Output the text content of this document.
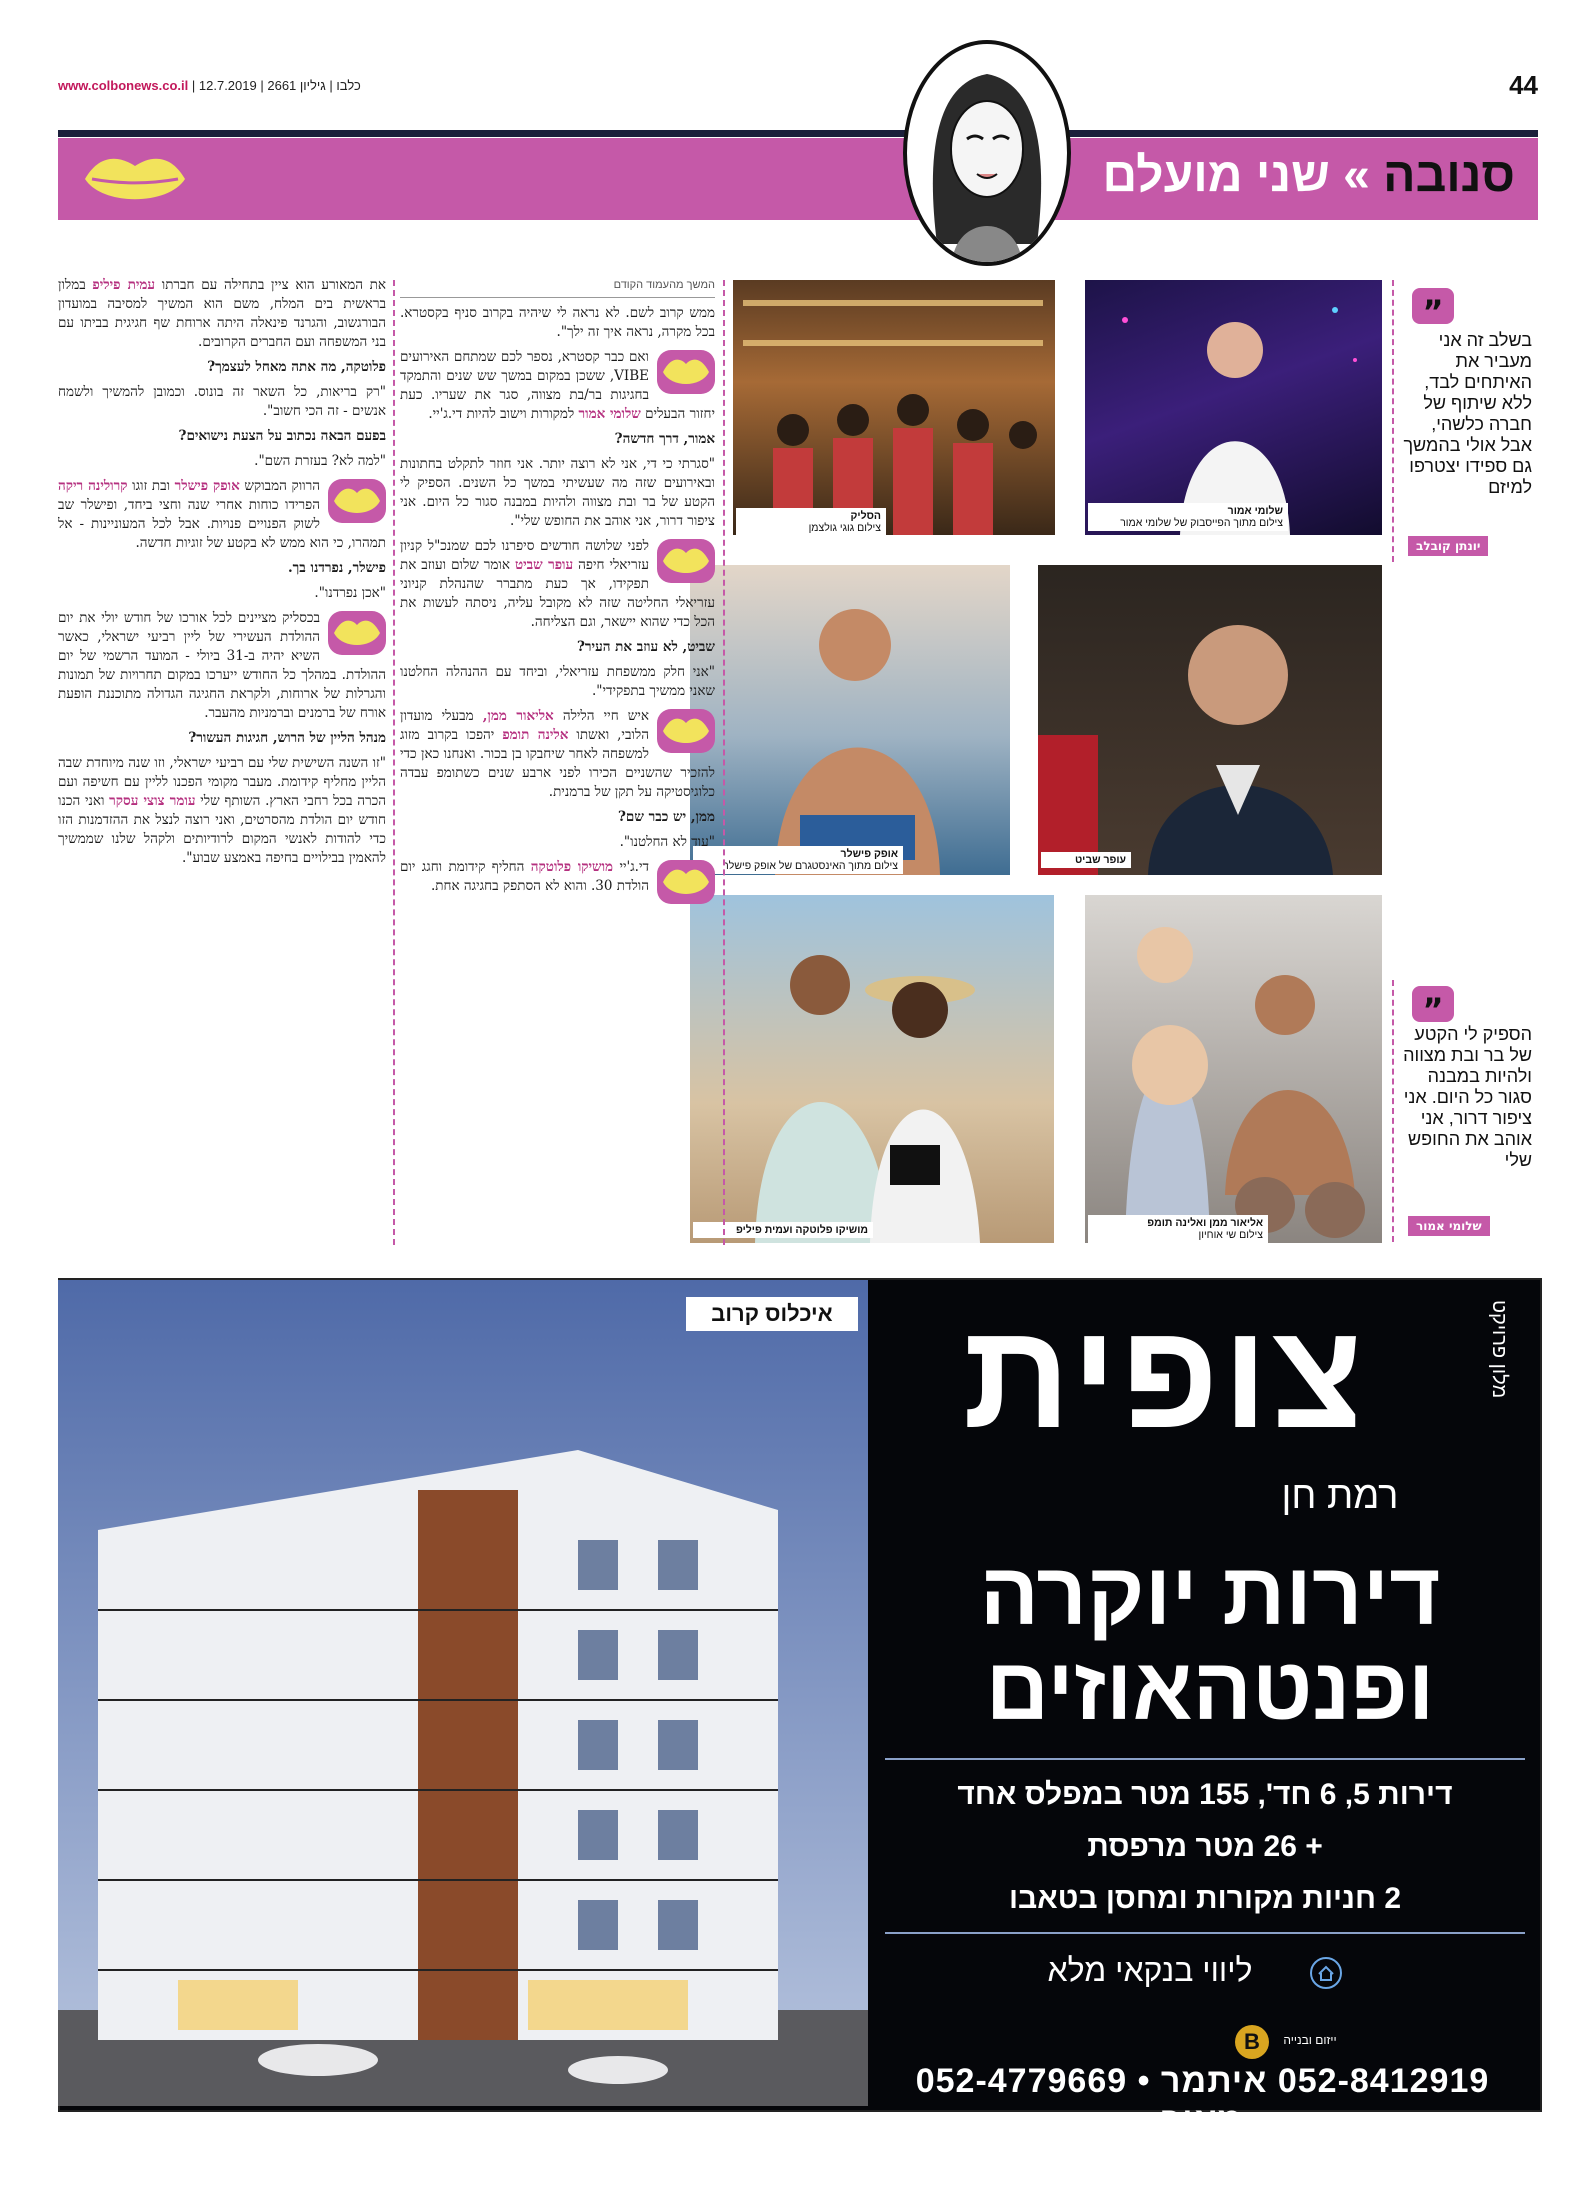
www.colbonews.co.il |	כלבו | גיליון 2661 | 12.7.2019	44
סנובה » שני מועלם
”
בשלב זה אני מעביר את האיתחים לבד, ללא שיתוף של חברה כלשהי, אבל אולי בהמשך גם ספידו יצטרפו למיזם
יונתן קובלב
”
הספיק לי הקטע של בר ובת מצווה ולהיות במבנה סגור כל היום. אני ציפור דרור, אני אוהב את החופש שלי
שלומי אמור
שלומי אמור
צילום מתוך הפייסבוק של שלומי אמור
הסליק
צילום גוגי גולצמן
עופר שביט
אופק פישלר
צילום מתוך האינסטגרם של אופק פישלר
אליאור ממן ואלינה תומפ
צילום שי אוחיון
מושיקו פלוטקה ועמית פיליפ

המשך מהעמוד הקודם

ממש קרוב לשם. לא נראה לי שיהיה בקרוב סניף בקסטרא. בכל מקרה, נראה איך זה ילך".

ואם כבר קסטרא, נספר לכם שמתחם האירועים VIBE, ששכן במקום במשך שש שנים והתמקד בחגיגות בר/בת מצווה, סגר את שעריו. כעת יחזור הבעלים שלומי אמור למקורות וישוב להיות די.ג'יי.

אמור, דרך חדשה?

"סגרתי כי די, אני לא רוצה יותר. אני חוזר לתקלט בחתונות ובאירועים שזה מה שעשיתי במשך כל השנים. הספיק לי הקטע של בר ובת מצווה ולהיות במבנה סגור כל היום. אני ציפור דרור, אני אוהב את החופש שלי".

לפני שלושה חודשים סיפרנו לכם שמנכ"ל קניון עזריאלי חיפה עופר שביט אומר שלום ועוזב את תפקידו, אך כעת מתברר שהנהלת קניוני עזריאלי החליטה שזה לא מקובל עליה, ניסתה לעשות את הכל כדי שהוא יישאר, וגם הצליחה.

שביט, לא עוזב את העיר?

"אני חלק ממשפחת עזריאלי, וביחד עם ההנהלה החלטנו שאני ממשיך בתפקידי".

איש חיי הלילה אליאור ממן, מבעלי מועדון הלובי, ואשתו אלינה תומפ יהפכו בקרוב מזוג למשפחה לאחר שיחבקו בן בכור. ואנחנו כאן כדי להזכיר שהשניים הכירו לפני ארבע שנים כשתומפ עבדה כלוגיסטיקה על תקן של ברמנית.

ממן, יש כבר שם?

"עוד לא החלטנו".

די.ג'יי מושיקו פלוטקה החליף קידומת וחגג יום הולדת 30. והוא לא הסתפק בחגיגה אחת.

את המאורע הוא ציין בתחילה עם חברתו עמית פיליפ במלון בראשית בים המלח, משם הוא המשיך למסיבה במועדון הבורגשוב, והגרנד פינאלה היתה ארוחת שף חגיגית בביתו עם בני המשפחה ועם החברים הקרובים.

פלוטקה, מה אתה מאחל לעצמך?

"רק בריאות, כל השאר זה בונוס. וכמובן להמשיך ולשמח אנשים - זה הכי חשוב".

בפעם הבאה נכתוב על הצעת נישואים?

"למה לא? בעזרת השם".

הרווק המבוקש אופק פישלר ובת זוגו קרולינה ריקה הפרידו כוחות אחרי שנה וחצי ביחד, ופישלר שב לשוק הפנויים פנויות. אבל לכל המעוניינות - אל תמהרו, כי הוא ממש לא בקטע של זוגיות חדשה.

פישלר, נפרדנו בך.

"אכן נפרדנו".

בכסליק מציינים לכל אורכו של חודש יולי את יום ההולדת העשירי של ליין רביעי ישראלי, כאשר השיא יהיה ב-31 ביולי - המועד הרשמי של יום ההולדת. במהלך כל החודש ייערכו במקום תחרויות של תמונות והגרלות של ארוחות, ולקראת החגיגה הגדולה מתוכננת הופעת אורח של ברמנים וברמניות מהעבר.

מנהל הליין של הרוש, חגיגות העשור?

"זו השנה השישית שלי עם רביעי ישראלי, וזו שנה מיוחדת שבה הליין מחליף קידומת. מעבר מקומי הפכנו לליין עם חשיפה ועם הכרה בכל רחבי הארץ. השותף שלי עומר צוצי עסקר ואני הכנו חודש יום הולדת מהסרטים, ואני רוצה לנצל את ההזדמנות הזו כדי להודות לאנשי המקום לרודיותים ולקהל שלנו שממשיך להאמין בבילויים בחיפה באמצע שבוע".

איכלוס קרוב צופית	מלון פרויקט
רמת חן
דירות יוקרה
ופנטהאוזים
דירות 5, 6 חד', 155 מטר במפלס אחד
+ 26 מטר מרפסת
2 חניות מקורות ומחסן בטאבו
ליווי בנקאי מלא
B	ייזום ובנייה
052-8412919 איתמר • 052-4779669 מאיר
